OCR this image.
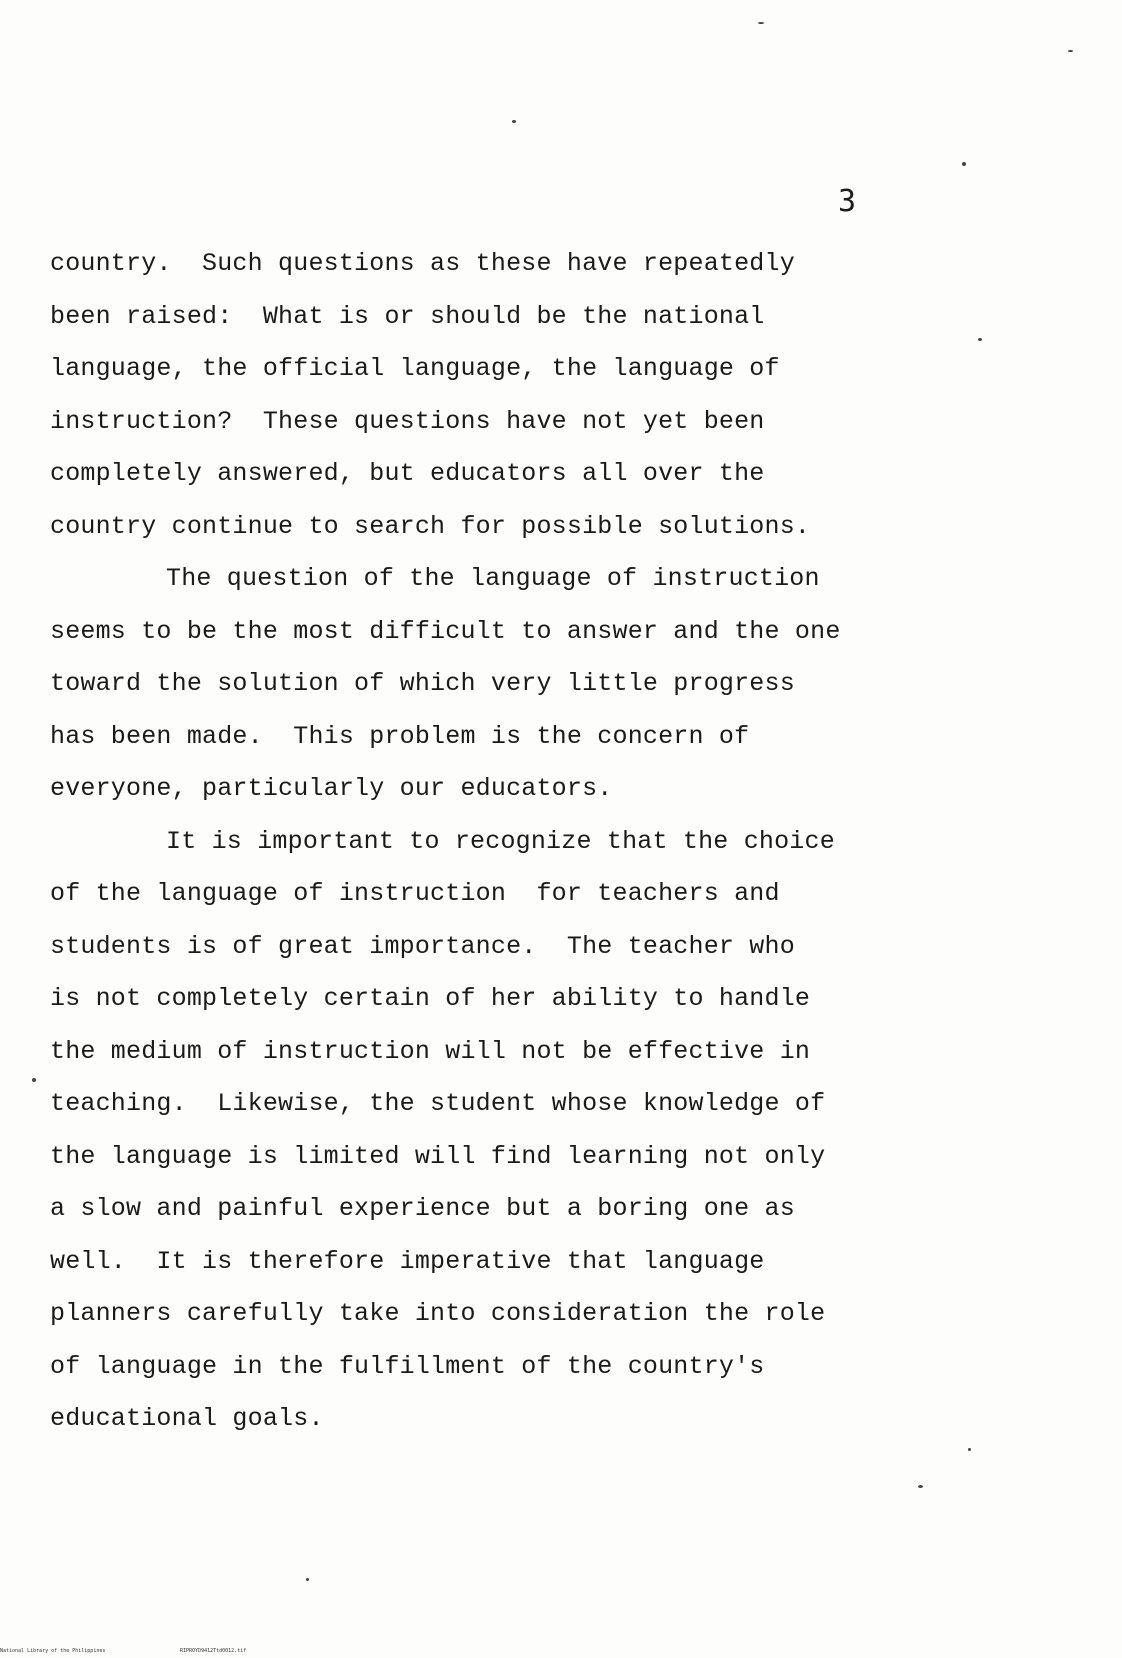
3
country.  Such questions as these have repeatedly
been raised:  What is or should be the national
language, the official language, the language of
instruction?  These questions have not yet been
completely answered, but educators all over the
country continue to search for possible solutions.
The question of the language of instruction
seems to be the most difficult to answer and the one
toward the solution of which very little progress
has been made.  This problem is the concern of
everyone, particularly our educators.
It is important to recognize that the choice
of the language of instruction  for teachers and
students is of great importance.  The teacher who
is not completely certain of her ability to handle
the medium of instruction will not be effective in
teaching.  Likewise, the student whose knowledge of
the language is limited will find learning not only
a slow and painful experience but a boring one as
well.  It is therefore imperative that language
planners carefully take into consideration the role
of language in the fulfillment of the country's
educational goals.
National Library of the Philippines	RIPROYD9412Ttd0012.tif
